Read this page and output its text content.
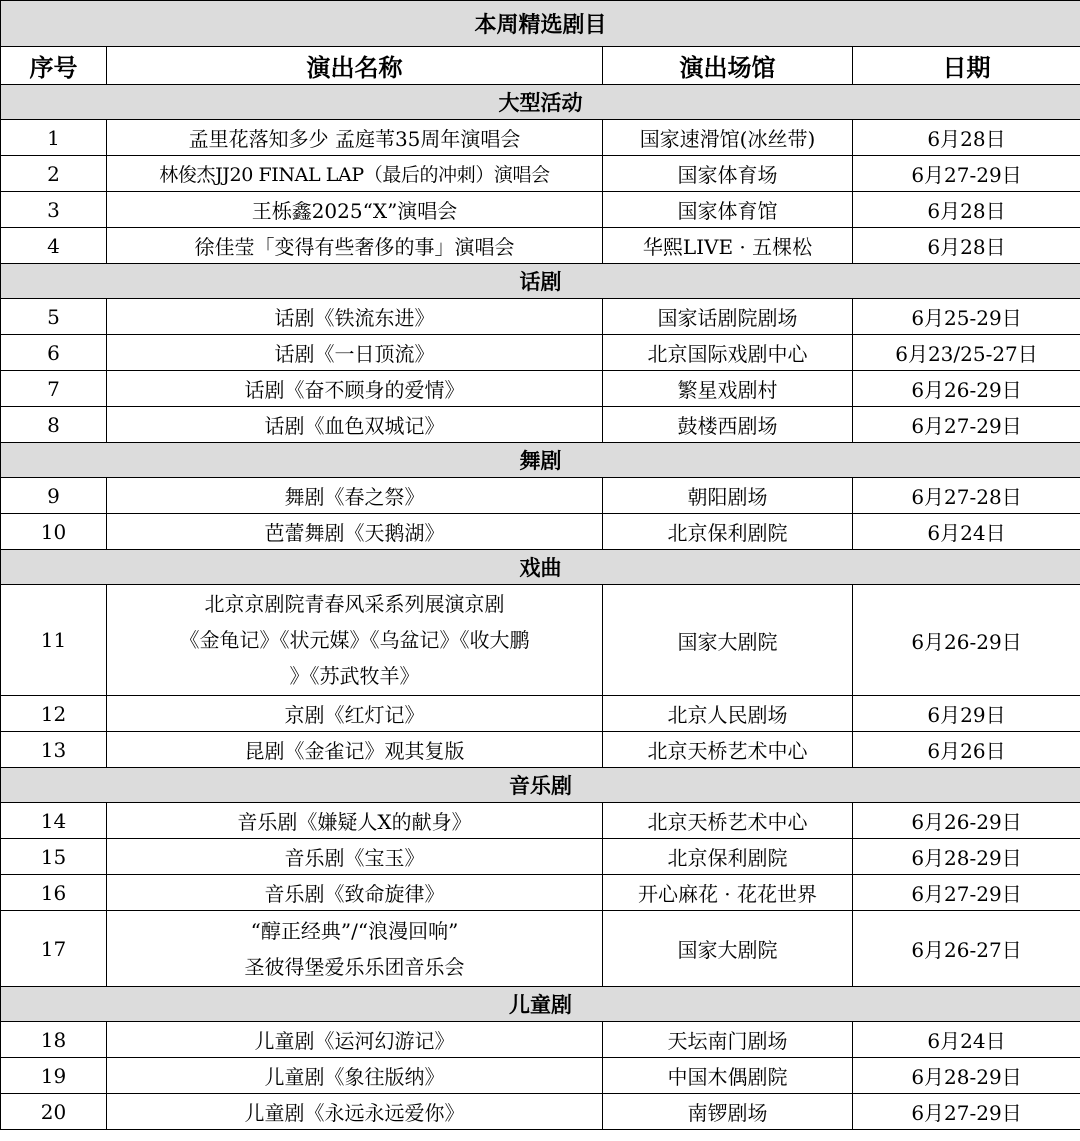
本周精选剧目			
序号	演出名称	演出场馆	日期
大型活动			
1	孟里花落知多少 孟庭苇35周年演唱会	国家速滑馆(冰丝带)	6月28日
2	林俊杰JJ20 FINAL LAP（最后的冲刺）演唱会	国家体育场	6月27-29日
3	王栎鑫2025“X”演唱会	国家体育馆	6月28日
4	徐佳莹「变得有些奢侈的事」演唱会	华熙LIVE · 五棵松	6月28日
话剧			
5	话剧《铁流东进》	国家话剧院剧场	6月25-29日
6	话剧《一日顶流》	北京国际戏剧中心	6月23/25-27日
7	话剧《奋不顾身的爱情》	繁星戏剧村	6月26-29日
8	话剧《血色双城记》	鼓楼西剧场	6月27-29日
舞剧			
9	舞剧《春之祭》	朝阳剧场	6月27-28日
10	芭蕾舞剧《天鹅湖》	北京保利剧院	6月24日
戏曲			
11	北京京剧院青春风采系列展演京剧
《金龟记》《状元媒》《乌盆记》《收大鹏
》《苏武牧羊》	国家大剧院	6月26-29日
12	京剧《红灯记》	北京人民剧场	6月29日
13	昆剧《金雀记》观其复版	北京天桥艺术中心	6月26日
音乐剧			
14	音乐剧《嫌疑人X的献身》	北京天桥艺术中心	6月26-29日
15	音乐剧《宝玉》	北京保利剧院	6月28-29日
16	音乐剧《致命旋律》	开心麻花 · 花花世界	6月27-29日
17	“醇正经典”/“浪漫回响”
圣彼得堡爱乐乐团音乐会	国家大剧院	6月26-27日
儿童剧			
18	儿童剧《运河幻游记》	天坛南门剧场	6月24日
19	儿童剧《象往版纳》	中国木偶剧院	6月28-29日
20	儿童剧《永远永远爱你》	南锣剧场	6月27-29日
